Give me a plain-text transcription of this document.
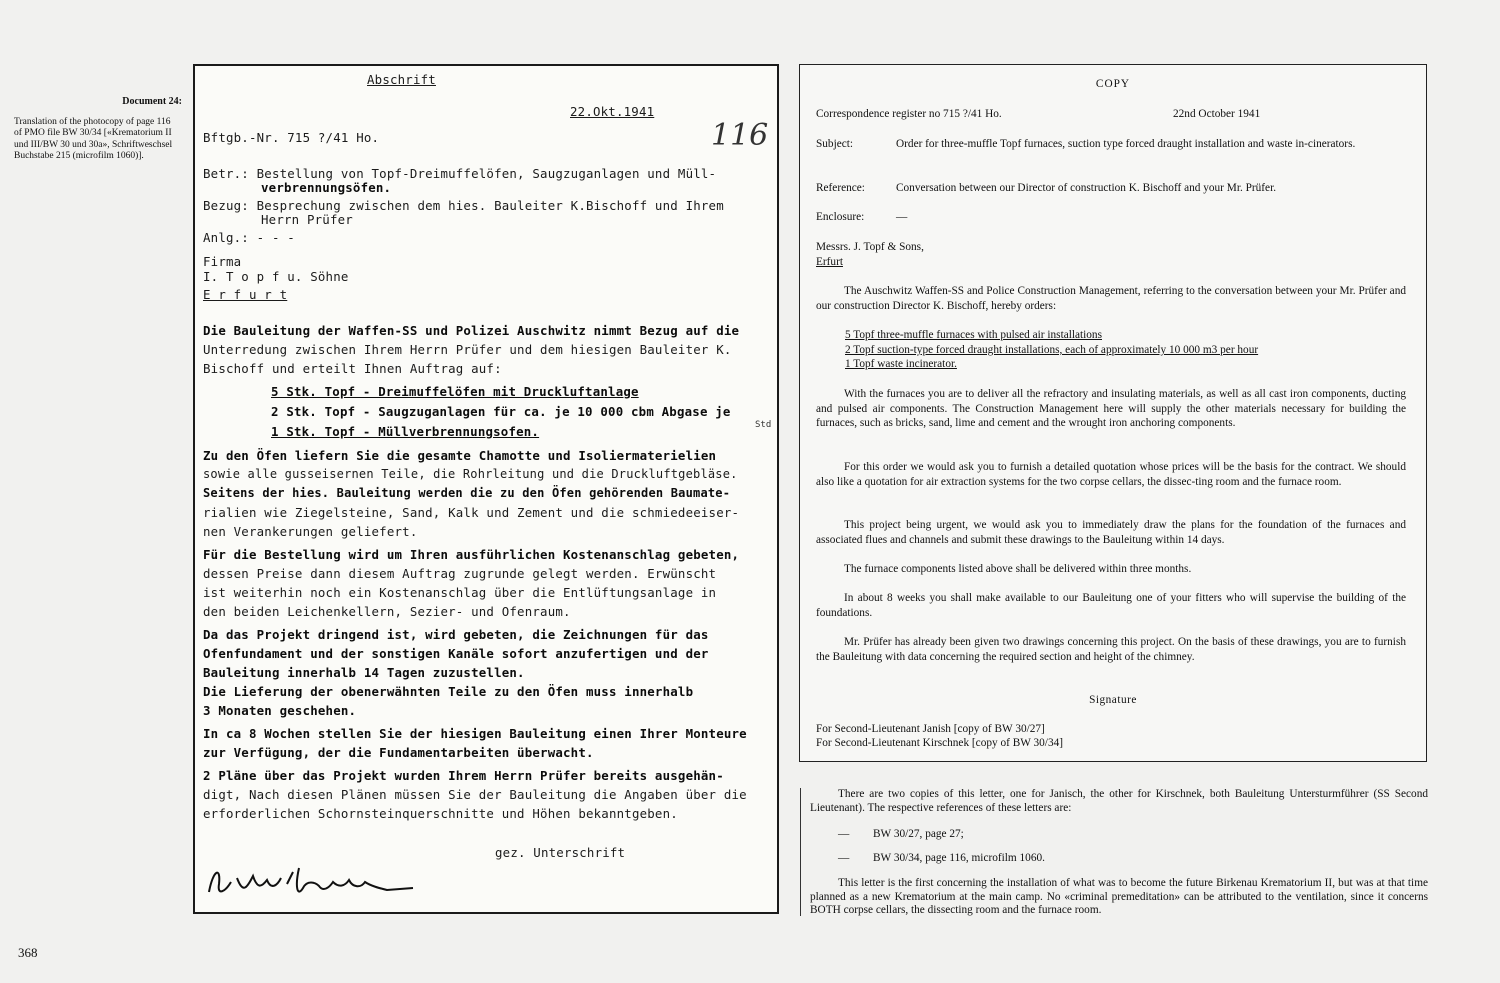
Document 24:
Translation of the photocopy of page 116
of PMO file BW 30/34 [«Krematorium II
und III/BW 30 und 30a», Schriftweschsel
Buchstabe 215 (microfilm 1060)].
368
Abschrift
22.Okt.1941
116
Bftgb.-Nr. 715 ?/41 Ho.
Betr.: Bestellung von Topf-Dreimuffelöfen, Saugzuganlagen und Müll-
verbrennungsöfen.
Bezug: Besprechung zwischen dem hies. Bauleiter K.Bischoff und Ihrem
Herrn Prüfer
Anlg.: - - -
Firma
I. T o p f u. Söhne
E r f u r t
Die Bauleitung der Waffen-SS und Polizei Auschwitz nimmt Bezug auf die
Unterredung zwischen Ihrem Herrn Prüfer und dem hiesigen Bauleiter K.
Bischoff und erteilt Ihnen Auftrag auf:
5 Stk. Topf - Dreimuffelöfen mit Druckluftanlage
2 Stk. Topf - Saugzuganlagen für ca. je 10 000 cbm Abgase je
1 Stk. Topf - Müllverbrennungsofen.	Std
Zu den Öfen liefern Sie die gesamte Chamotte und Isoliermaterielien
sowie alle gusseisernen Teile, die Rohrleitung und die Druckluftgebläse.
Seitens der hies. Bauleitung werden die zu den Öfen gehörenden Baumate-
rialien wie Ziegelsteine, Sand, Kalk und Zement und die schmiedeeiser-
nen Verankerungen geliefert.
Für die Bestellung wird um Ihren ausführlichen Kostenanschlag gebeten,
dessen Preise dann diesem Auftrag zugrunde gelegt werden. Erwünscht
ist weiterhin noch ein Kostenanschlag über die Entlüftungsanlage in
den beiden Leichenkellern, Sezier- und Ofenraum.
Da das Projekt dringend ist, wird gebeten, die Zeichnungen für das
Ofenfundament und der sonstigen Kanäle sofort anzufertigen und der
Bauleitung innerhalb 14 Tagen zuzustellen.
Die Lieferung der obenerwähnten Teile zu den Öfen muss innerhalb
3 Monaten geschehen.
In ca 8 Wochen stellen Sie der hiesigen Bauleitung einen Ihrer Monteure
zur Verfügung, der die Fundamentarbeiten überwacht.
2 Pläne über das Projekt wurden Ihrem Herrn Prüfer bereits ausgehän-
digt, Nach diesen Plänen müssen Sie der Bauleitung die Angaben über die
erforderlichen Schornsteinquerschnitte und Höhen bekanntgeben.
gez. Unterschrift
COPY
Correspondence register no 715 ?/41 Ho.	22nd October 1941
Subject:	Order for three-muffle Topf furnaces, suction type forced draught installation and waste in-cinerators.
Reference:	Conversation between our Director of construction K. Bischoff and your Mr. Prüfer.
Enclosure:	—
Messrs. J. Topf & Sons,
Erfurt
The Auschwitz Waffen-SS and Police Construction Management, referring to the conversation between your Mr. Prüfer and our construction Director K. Bischoff, hereby orders:
5 Topf three-muffle furnaces with pulsed air installations
2 Topf suction-type forced draught installations, each of approximately 10 000 m3 per hour
1 Topf waste incinerator.
With the furnaces you are to deliver all the refractory and insulating materials, as well as all cast iron components, ducting and pulsed air components. The Construction Management here will supply the other materials necessary for building the furnaces, such as bricks, sand, lime and cement and the wrought iron anchoring components.
For this order we would ask you to furnish a detailed quotation whose prices will be the basis for the contract. We should also like a quotation for air extraction systems for the two corpse cellars, the dissec-ting room and the furnace room.
This project being urgent, we would ask you to immediately draw the plans for the foundation of the furnaces and associated flues and channels and submit these drawings to the Bauleitung within 14 days.
The furnace components listed above shall be delivered within three months.
In about 8 weeks you shall make available to our Bauleitung one of your fitters who will supervise the building of the foundations.
Mr. Prüfer has already been given two drawings concerning this project. On the basis of these drawings, you are to furnish the Bauleitung with data concerning the required section and height of the chimney.
Signature
For Second-Lieutenant Janish [copy of BW 30/27]
For Second-Lieutenant Kirschnek [copy of BW 30/34]

There are two copies of this letter, one for Janisch, the other for Kirschnek, both Bauleitung Untersturmführer (SS Second Lieutenant). The respective references of these letters are:

— BW 30/27, page 27;
— BW 30/34, page 116, microfilm 1060.

This letter is the first concerning the installation of what was to become the future Birkenau Krematorium II, but was at that time planned as a new Krematorium at the main camp. No «criminal premeditation» can be attributed to the ventilation, since it concerns BOTH corpse cellars, the dissecting room and the furnace room.
